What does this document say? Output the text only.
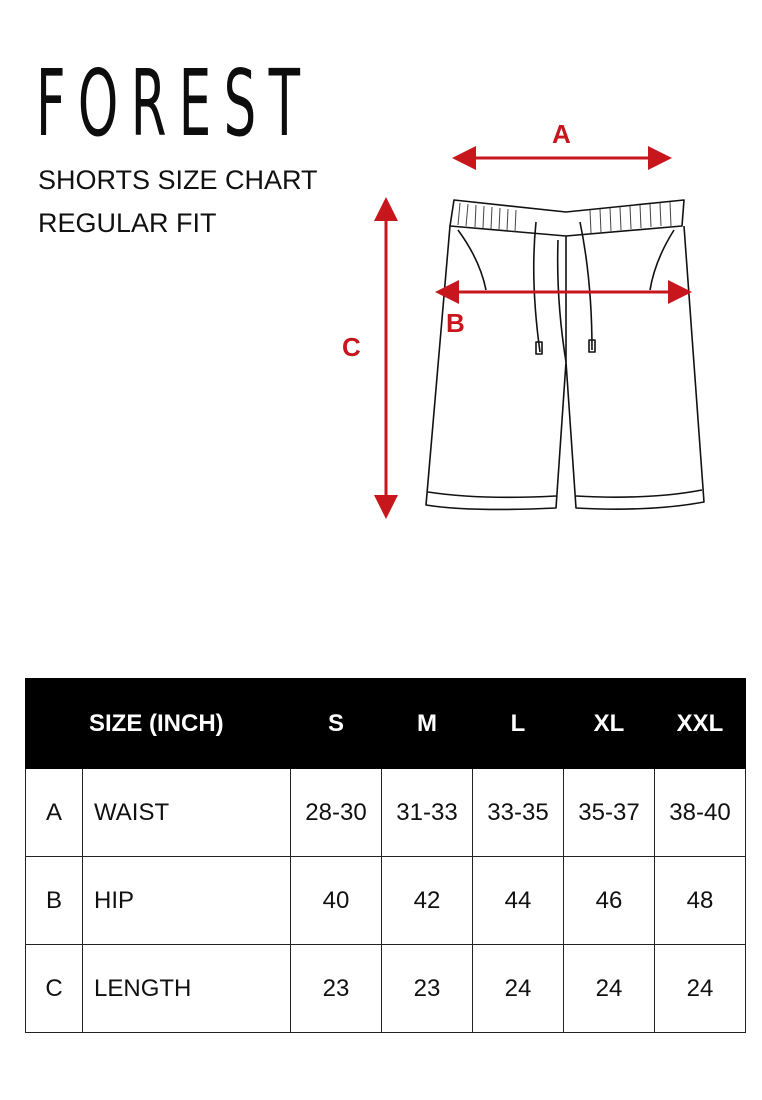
FOREST
SHORTS SIZE CHART
REGULAR FIT
A
B
C
	SIZE (INCH)	S	M	L	XL	XXL
A	WAIST	28-30	31-33	33-35	35-37	38-40
B	HIP	40	42	44	46	48
C	LENGTH	23	23	24	24	24
